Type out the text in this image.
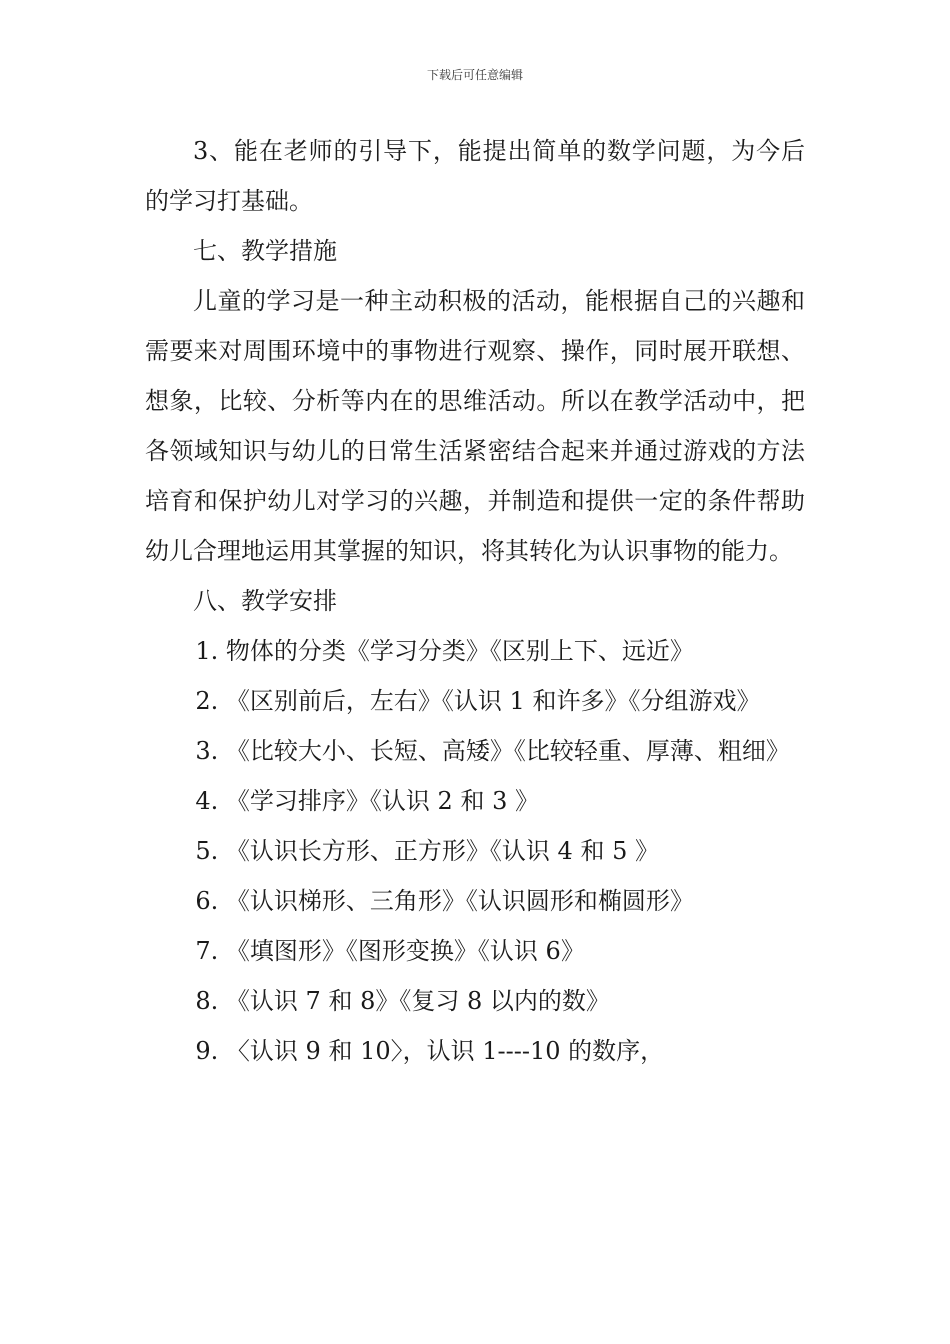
下载后可任意编辑

3、能在老师的引导下，能提出简单的数学问题，为今后的学习打基础。

七、教学措施

儿童的学习是一种主动积极的活动，能根据自己的兴趣和需要来对周围环境中的事物进行观察、操作，同时展开联想、想象，比较、分析等内在的思维活动。所以在教学活动中，把各领域知识与幼儿的日常生活紧密结合起来并通过游戏的方法培育和保护幼儿对学习的兴趣，并制造和提供一定的条件帮助幼儿合理地运用其掌握的知识，将其转化为认识事物的能力。

八、教学安排

1. 物体的分类《学习分类》《区别上下、远近》

2. 《区别前后，左右》《认识 1 和许多》《分组游戏》

3. 《比较大小、长短、高矮》《比较轻重、厚薄、粗细》

4. 《学习排序》《认识 2 和 3 》

5. 《认识长方形、正方形》《认识 4 和 5 》

6. 《认识梯形、三角形》《认识圆形和椭圆形》

7. 《填图形》《图形变换》《认识 6》

8. 《认识 7 和 8》《复习 8 以内的数》

9. 〈认识 9 和 10〉，认识 1----10 的数序，
